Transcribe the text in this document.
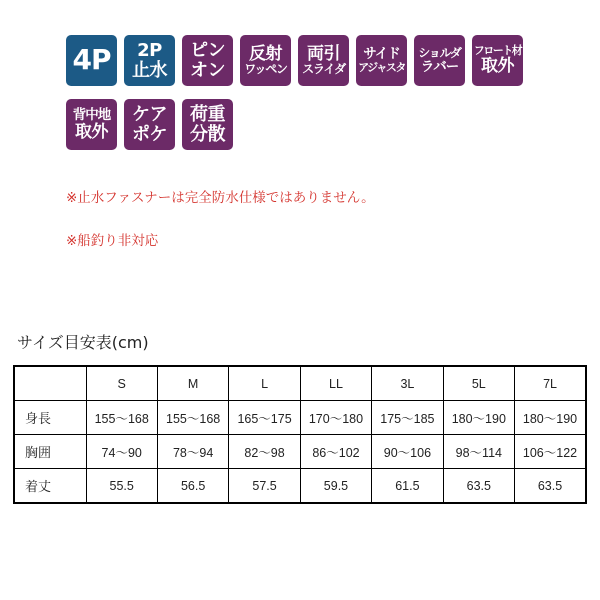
4P 2P
止水
ピン
オン
反射
ワッペン
両引
スライダ
サイド
アジャスタ
ショルダ
ラバー
フロート材
取外
背中地
取外
ケア
ポケ
荷重
分散
※止水ファスナーは完全防水仕様ではありません。
※船釣り非対応
サイズ目安表(cm)
	S	M	L	LL	3L	5L	7L
身長	155〜168	155〜168	165〜175	170〜180	175〜185	180〜190	180〜190
胸囲	74〜90	78〜94	82〜98	86〜102	90〜106	98〜114	106〜122
着丈	55.5	56.5	57.5	59.5	61.5	63.5	63.5
